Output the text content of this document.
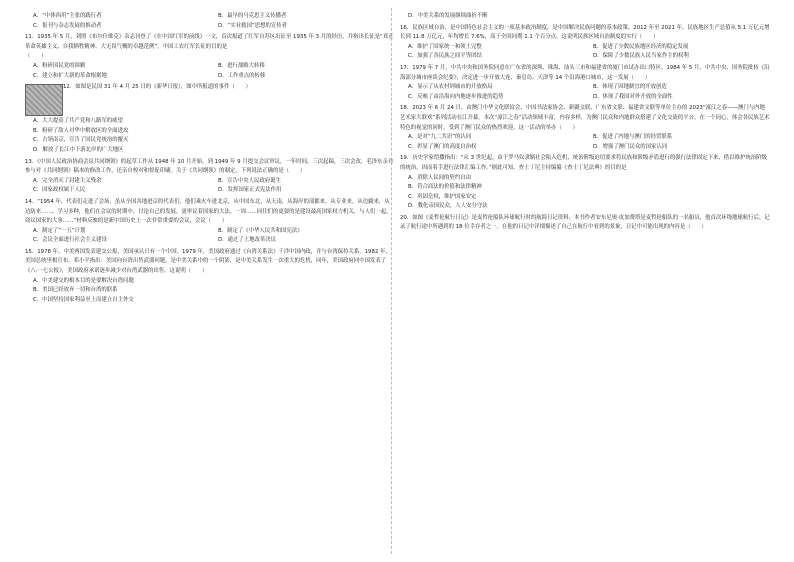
A．“中体西用”主张的践行者	B．最早的马克思主义传播者
C．报刊与杂志发展的推动者	D．“实业救国”思想的宣传者

11．1935 年 5 月，刘照《布尔什维克》杂志刊登了《在中国红军的前线》一文，首次报道了红军自苏区出征至 1935 年 3 月的经历，并指出长征是“真正革命英雄主义、自我牺牲精神、大无畏气概的卓越范例”。中国工农红军长征的目的是

（　　）

A．粉碎国民党的围剿	B．进行战略大转移
C．建立和扩大新的革命根据地	D．工作重点的转移

12．如图是民国 31 年 4 月 25 日的《新华日报》，图中所报道的事件（　　）

A．大大提高了共产党和八路军的威望

B．粉碎了敌人对华中解放区的全面进攻

C．占领南京，宣告了国民党统治的覆灭

D．解放了长江中下游北岸的广大地区

13．《中国人民政治协商会议共同纲领》的起草工作从 1948 年 10 月开始，到 1949 年 9 月提交会议审议，一年时间，三次起稿，三次会改，毛泽东亲自参与对《共同纲领》稿本的修改工作，还亲自校对和督促印刷。关于《共同纲领》的制定，下列说法正确的是（　　）

A．完全消灭了封建主义残余	B．宣告中央人民政府诞生
C．国家政权属于人民	D．发挥国家正式宪法作用

14．“1954 年，代表们走进了会场，虽从全国各地进京的代表们，他们乘火车进北京，从中国东北，从天南，从海岸的部都来，从专业来，从边疆来，从边防来……，学习多种，他们在会议的时期中，讨论自己的发展，更审议着国家的大法。一周……同住们的更要的是建设最高国家权力机关，与人们一起，商议国家的大事……”材料反映的是新中国历史上一次非常重要的会议，会议（　　）

A．制定了“一五”计划	B．制定了《中华人民共和国宪法》
C．会议全面进行社会主义建设	D．通过了土地改革决议

15．1978 年，中美两国发表建交公报，美国承认只有一个中国。1979 年，美国政府通过《台湾关系法》干涉中国内政，并与台湾保持关系。1982 年，美国总统里根宣布，邓小平指出：美国向台湾出售武器问题，是中美关系中的一个阴影，是中美关系发生一次重大的危机，同年，美国政府同中国发表了《八·一七公报》，美国政府承诺逐步减少对台湾武器的出售。这说明（　　）

A．中美建交的根本目的是要解决台湾问题

B．美国已经放弃一切和台湾的联系

C．中国坚持国家利益至上而建立自主外交

D．中美关系的发展继续曲折不断

16．民族区域自治，是中国特色社会主义的一项基本政治制度，是中国解决民族问题的基本政策。2012 年至 2021 年，民族地区生产总值从 5.1 万亿元增长到 11.8 万亿元，年均增长 7.6%，高于全国同期 1.1 个百分点，这说明民族区域自治制度的实行（　　）

A．维护了国家统一和领土完整	B．促进了少数民族地区经济的稳定发展
C．加强了各民族之间平等团结	D．保障了少数民族人民当家作主的权利

17．1979 年 7 月，中共中央和国务院同意在广东省的深圳、珠海、汕头三市和福建省的厦门市试办出口特区。1984 年 5 月，中共中央、国务院批转《沿海部分城市座谈会纪要》，决定进一步开放大连、秦皇岛、天津等 14 个沿海港口城市，这一发展（　　）

A．显示了从农村到城市的开放格局	B．体现了因地制宜的开放创造
C．反映了由沿海向内地逐步推进的趋势	D．体现了我国对外开放的全面性

18．2023 年 6 月 24 日，由澳门中华文化联谊会、中国书法家协会、新疆文联、广东省文联、福建省文联等单位主办的 2023“濠江之春——澳门与内地艺术家大联欢”系列活动在江开幕。本次“濠江之春”活动领域丰富，内容多样，为澳门民众和内地群众搭建了文化交流的平台，在一个同心，体会各民族艺术特色的视觉的同时，受到了澳门民众的热烈欢迎。这一活动的举办（　　）

A．是对“九二共识”的认同	B．促进了内地与澳门的经贸联系
C．彰显了澳门的高度自治权	D．增强了澳门民众的国家认同

19．历史学家恺撒指出：“从 3 世纪起，由于罗马奴隶制社会陷入危机，统治阶级迫切要求将民族和阶级矛盾进行的强行法律固定下来，借以维护统治阶级的统治，因而着手进行法律汇编工作。”据此可知，查士丁尼主持编纂《查士丁尼法典》的目的是

A．消除人民间的契约自由

B．符合商法的价值和法律精神

C．巩固皇权，维护国家安定

D．教化帝国民众，人人安分守法

20．如图《麦哲伦航行日记》是麦哲伦船队环球航行时的航海日记资料。本书作者安东尼奥·皮加费塔是麦哲伦船队的一名船员，他首次环绕地球航行后，记录了航行途中所遇到的 18 位幸存者之一。在他的日记中详细描述了自己在航行中看到的景象，日记中可能出现的内容是（　　）
